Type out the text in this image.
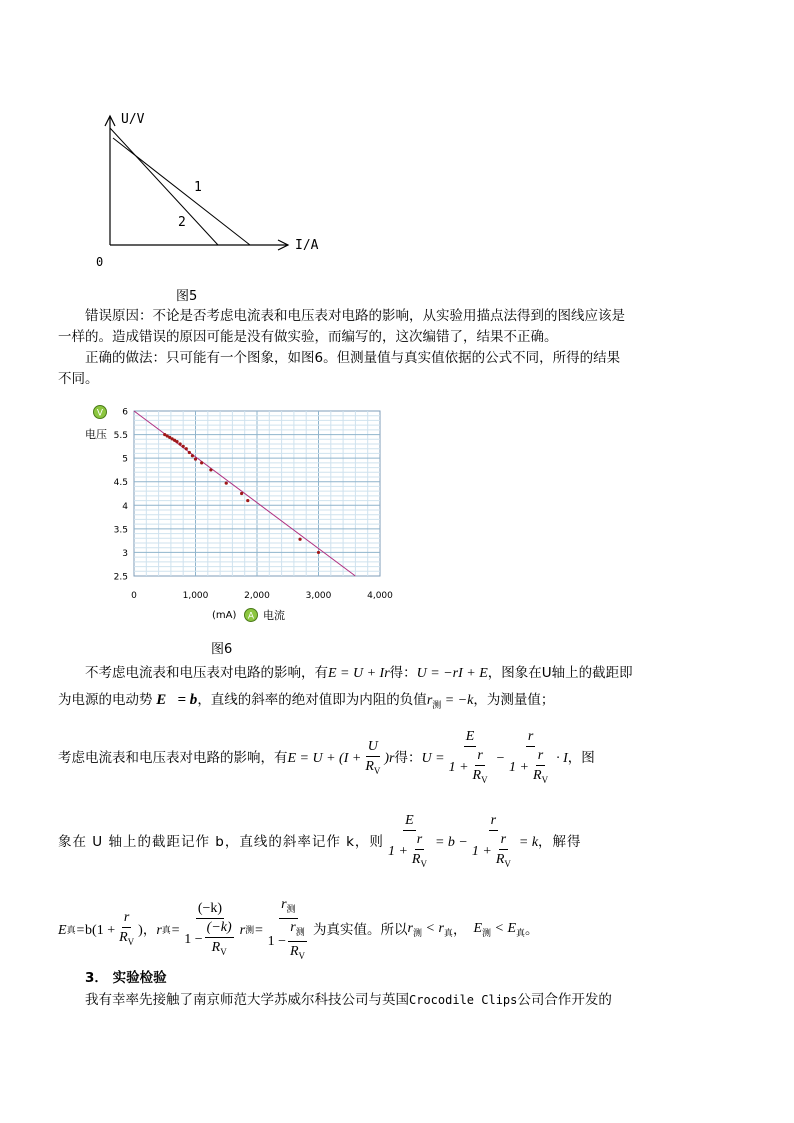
U/V
I/A
0
1
2
图5
错误原因：不论是否考虑电流表和电压表对电路的影响，从实验用描点法得到的图线应该是一样的。造成错误的原因可能是没有做实验，而编写的，这次编错了，结果不正确。
正确的做法：只可能有一个图象，如图6。但测量值与真实值依据的公式不同，所得的结果不同。
V
电压
6
5.5
5
4.5
4
3.5
3
2.5
0	1,000	2,000	3,000	4,000
(mA) A 电流
图6
不考虑电流表和电压表对电路的影响，有E = U + Ir得：U = −rI + E，图象在U轴上的截距即为电源的电动势 E   = b，直线的斜率的绝对值即为内阻的负值$r_测 = -k$，为测量值；
考虑电流表和电压表对电路的影响，有 $E = U + (I + \frac{U}{R_V} )r$ 得： $U = \frac{E}{1 + \frac{r}{R_V}} - \frac{r}{1 + \frac{r}{R_V}} \cdot I$ ，图
象在 U 轴上的截距记作 b，直线的斜率记作 k，则 $\frac{E}{1 + \frac{r}{R_V}} = b - \frac{r}{1 + \frac{r}{R_V}} = k$ ，解得
E 真 = $b(1 + \frac{r}{R_V}$ ) ， r 真 = $\frac{(-k)}{1 - \frac{(-k)}{R_V}}$ r 测 = $\frac{r_测}{1 - \frac{r_测}{R_V}}$ 为真实值。所以 $r_测 < r_真$ ， $E_测 < E_真$ 。
3． 实验检验
我有幸率先接触了南京师范大学苏威尔科技公司与英国Crocodile Clips公司合作开发的
